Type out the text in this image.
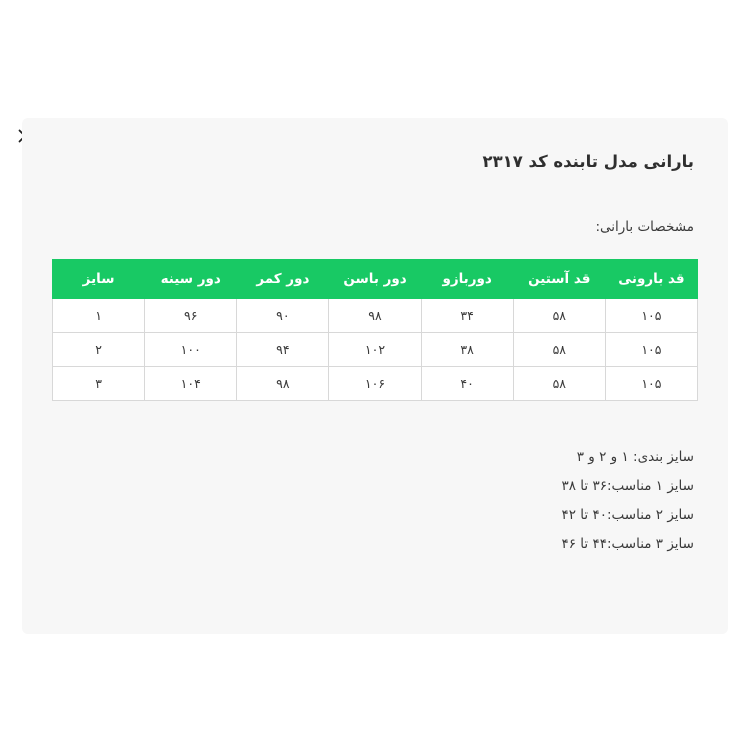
بارانی مدل تابنده کد ۲۳۱۷
مشخصات بارانی:
قد بارونی	قد آستین	دوربازو	دور باسن	دور کمر	دور سینه	سایز
۱۰۵	۵۸	۳۴	۹۸	۹۰	۹۶	۱
۱۰۵	۵۸	۳۸	۱۰۲	۹۴	۱۰۰	۲
۱۰۵	۵۸	۴۰	۱۰۶	۹۸	۱۰۴	۳
سایز بندی: ۱ و ۲ و ۳
سایز ۱ مناسب:۳۶ تا ۳۸
سایز ۲ مناسب:۴۰ تا ۴۲
سایز ۳ مناسب:۴۴ تا ۴۶
